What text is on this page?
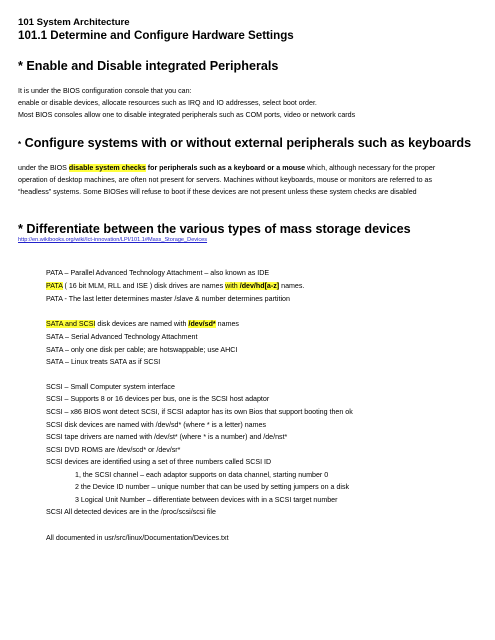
101 System Architecture
101.1 Determine and Configure Hardware Settings
* Enable and Disable integrated Peripherals
It is under the BIOS configuration console that you can:
enable or disable devices, allocate resources such as IRQ and IO addresses, select boot order.
Most BIOS consoles allow one to disable integrated peripherals such as COM ports, video or network cards
* Configure systems with or without external peripherals such as keyboards
under the BIOS disable system checks for peripherals such as a keyboard or a mouse which, although necessary for the proper operation of desktop machines, are often not present for servers. Machines without keyboards, mouse or monitors are referred to as “headless” systems. Some BIOSes will refuse to boot if these devices are not present unless these system checks are disabled
* Differentiate between the various types of mass storage devices
http://en.wikibooks.org/wiki/Ict-innovation/LPI/101.1#Mass_Storage_Devices
PATA – Parallel Advanced Technology Attachment – also known as IDE
PATA ( 16 bit MLM, RLL and ISE ) disk drives are names with /dev/hd[a-z] names.
PATA - The last letter determines master /slave & number determines partition
SATA and SCSI disk devices are named with /dev/sd* names
SATA – Serial Advanced Technology Attachment
SATA – only one disk per cable; are hotswappable; use AHCI
SATA – Linux treats SATA as if SCSI
SCSI – Small Computer system interface
SCSI – Supports 8 or 16 devices per bus, one is the SCSI host adaptor
SCSI – x86 BIOS wont detect SCSI, if SCSI adaptor has its own Bios that support booting then ok
SCSI disk devices are named with /dev/sd* (where * is a letter) names
SCSI tape drivers are named with /dev/st* (where * is a number) and /de/nst*
SCSI DVD ROMS are /dev/scd* or /dev/sr*
SCSI devices are identified using a set of three numbers called SCSI ID
1, the SCSI channel – each adaptor supports on data channel, starting number 0
2 the Device ID number – unique number that can be used by setting jumpers on a disk
3 Logical Unit Number – differentiate between devices with in a SCSI target number
SCSI All detected devices are in the /proc/scsi/scsi file
All documented in usr/src/linux/Documentation/Devices.txt
